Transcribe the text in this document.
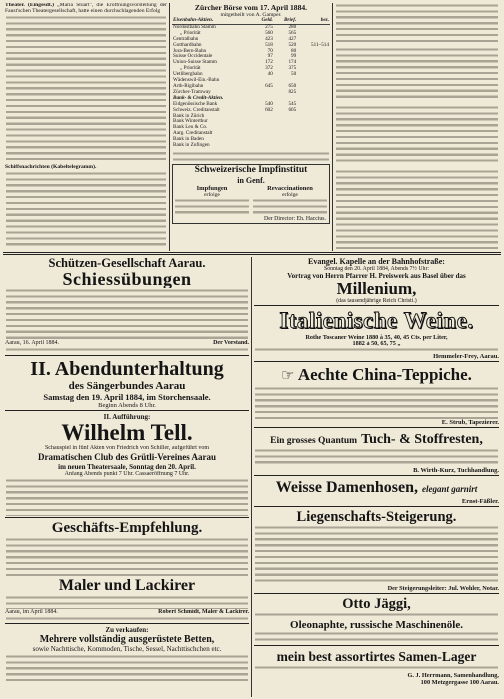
Theater. (Eingesdt.) „Maria Stuart", die Eröffnungsvorstellung der Faust'schen Theatergesellschaft, hatte einen durchschlagenden Erfolg

Schiffsnachrichten (Kabeltelegramm).

Zürcher Börse vom 17. April 1884.
mitgetheilt von A. Gamper.
Eisenbahn-Aktien.	Geld.	Brief.	bez.
Nordostbahn Stamm	275	280	
„ Priorität	560	565	
Centralbahn	423	427	
Gotthardbahn	518	520	511–514
Jura-Bern-Bahn	70	80	
Suisse Occidentale	97	99	
Union-Suisse Stamm	172	174	
„ Priorität	372	375	
Uetlibergbahn	40	50	
Wädenswil-Ein.-Bahn			
Arth-Rigibahn	645	650	
Zürcher-Tramway		825	
Bank- & Credit-Aktien.			
Eidgenössische Bank	540	545	
Schweiz. Creditanstalt	602	605	
Bank in Zürich			
Bank Winterthur			
Bank Leu & Co.			
Aarg. Creditanstalt			
Bank in Baden			
Bank in Zofingen			
Schweizerische Impfinstitut
in Genf.
Impfungen
erfolge
Revaccinationen
erfolge
Der Director: Eh. Haccius.
Schützen-Gesellschaft Aarau.
Schiessübungen
Aarau, 16. April 1884.	Der Vorstand.
II. Abendunterhaltung
des Sängerbundes Aarau
Samstag den 19. April 1884, im Storchensaale.
Beginn Abends 8 Uhr.
II. Aufführung:
Wilhelm Tell.
Schauspiel in fünf Akten von Friedrich von Schiller, aufgeführt vom
Dramatischen Club des Grütli-Vereines Aarau
im neuen Theatersaale, Sonntag den 20. April.
Anfang Abends punkt 7 Uhr. Cassaeröffnung 7 Uhr.
Geschäfts-Empfehlung.
Maler und Lackirer
Aarau, im April 1884.	Robert Schmidt, Maler & Lackirer.
Zu verkaufen:
Mehrere vollständig ausgerüstete Betten,
sowie Nachttische, Kommoden, Tische, Sessel, Nachttischchen etc.
Evangel. Kapelle an der Bahnhofstraße:
Sonntag den 20. April 1884, Abends 7½ Uhr:
Vortrag von Herrn Pfarrer H. Preiswerk aus Basel über das
Millenium,
(das tausendjährige Reich Christi.)
Italienische Weine.
Rothe Toscaner Weine 1880 à 35, 40, 45 Cts. per Liter,
1882 à 50, 65, 75 „
Hemmeler-Frey, Aarau.
☞ Aechte China-Teppiche.
E. Strub, Tapezierer.
Ein grosses Quantum Tuch- & Stoffresten,
B. Wirth-Kurz, Tuchhandlung.
Weisse Damenhosen, elegant garnirt
Ernst-Fäßler.
Liegenschafts-Steigerung.
Der Steigerungsleiter: Jul. Wohler, Notar.
Otto Jäggi,
Oleonaphte, russische Maschinenöle.
mein best assortirtes Samen-Lager
G. J. Herrmann, Samenhandlung,
100 Metzgergasse 100 Aarau.
